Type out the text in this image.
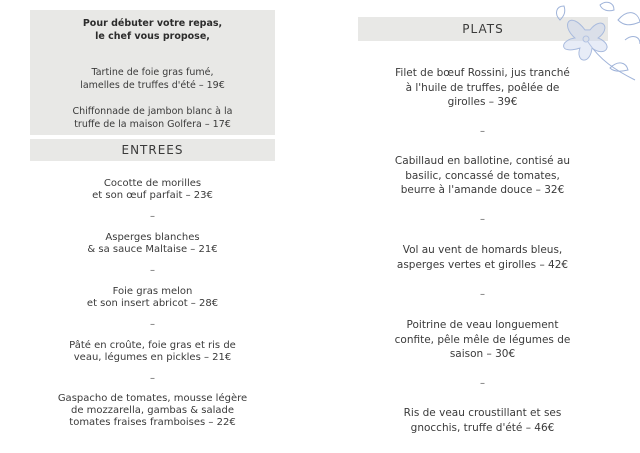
Pour débuter votre repas,
le chef vous propose,
Tartine de foie gras fumé,
lamelles de truffes d'été – 19€
Chiffonnade de jambon blanc à la
truffe de la maison Golfera – 17€
ENTREES
Cocotte de morilles
et son œuf parfait – 23€
–
Asperges blanches
& sa sauce Maltaise – 21€
–
Foie gras melon
et son insert abricot – 28€
–
Pâté en croûte, foie gras et ris de
veau, légumes en pickles – 21€
–
Gaspacho de tomates, mousse légère
de mozzarella, gambas & salade
tomates fraises framboises – 22€
PLATS
Filet de bœuf Rossini, jus tranché
à l'huile de truffes, poêlée de
girolles – 39€
–
Cabillaud en ballotine, contisé au
basilic, concassé de tomates,
beurre à l'amande douce – 32€
–
Vol au vent de homards bleus,
asperges vertes et girolles – 42€
–
Poitrine de veau longuement
confite, pêle mêle de légumes de
saison – 30€
–
Ris de veau croustillant et ses
gnocchis, truffe d'été – 46€
